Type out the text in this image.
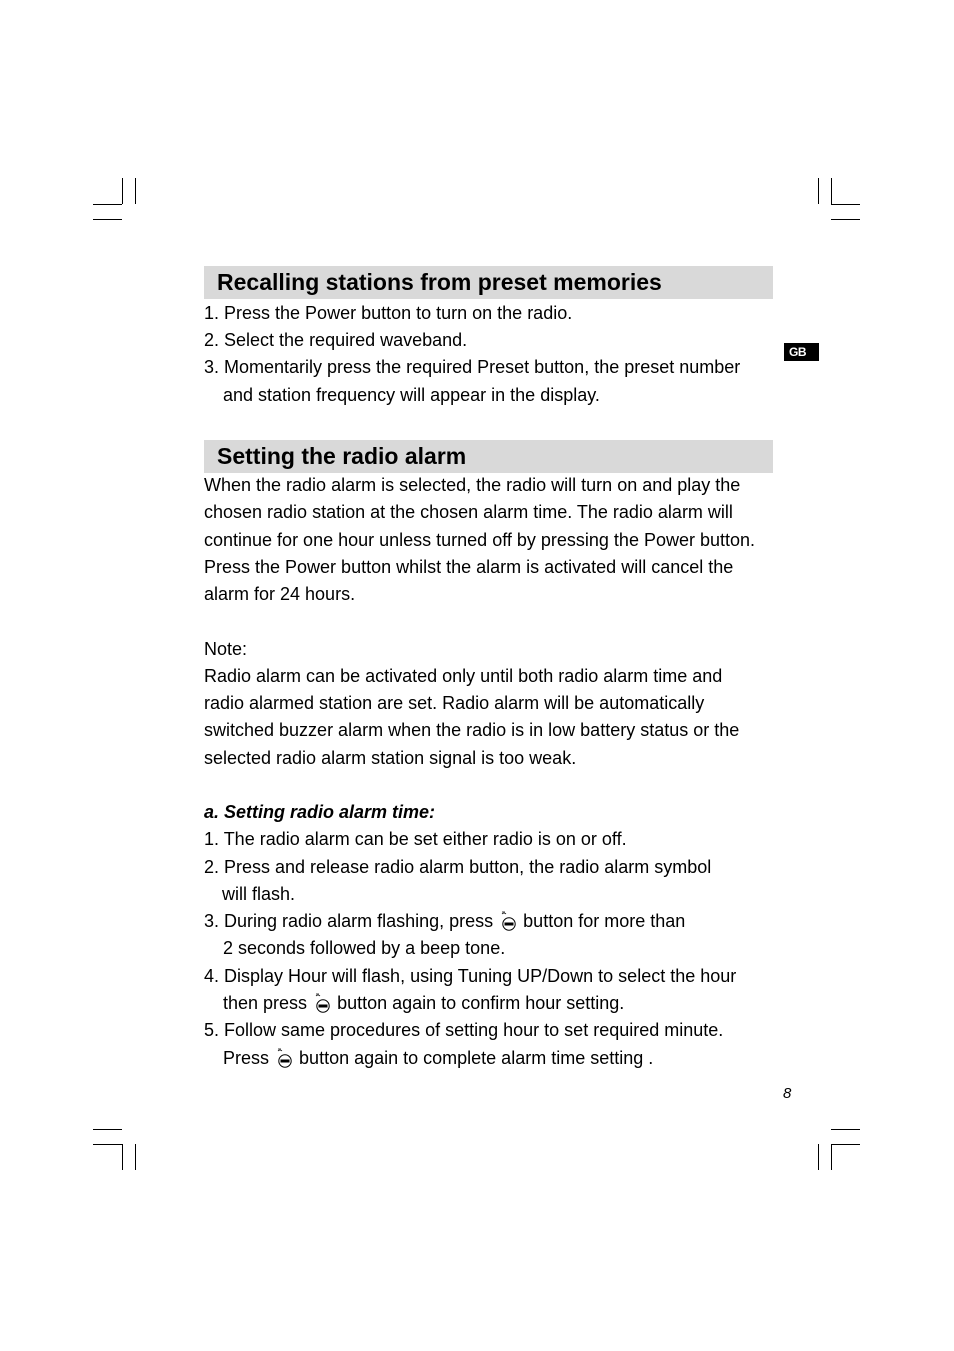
GB
Recalling stations from preset memories
1. Press the Power button to turn on the radio.
2. Select the required waveband.
3. Momentarily press the required Preset button, the preset number
and station frequency will appear in the display.
Setting the radio alarm
When the radio alarm is selected, the radio will turn on and play the
chosen radio station at the chosen alarm time. The radio alarm will
continue for one hour unless turned off by pressing the Power button.
Press the Power button whilst the alarm is activated will cancel the
alarm for 24 hours.
Note:
Radio alarm can be activated only until both radio alarm time and
radio alarmed station are set. Radio alarm will be automatically
switched buzzer alarm when the radio is in low battery status or the
selected radio alarm station signal is too weak.
a. Setting radio alarm time:
1. The radio alarm can be set either radio is on or off.
2. Press and release radio alarm button, the radio alarm symbol
will flash.
3. During radio alarm flashing, press button for more than
2 seconds followed by a beep tone.
4. Display Hour will flash, using Tuning UP/Down to select the hour
then press button again to confirm hour setting.
5. Follow same procedures of setting hour to set required minute.
Press button again to complete alarm time setting .
8
